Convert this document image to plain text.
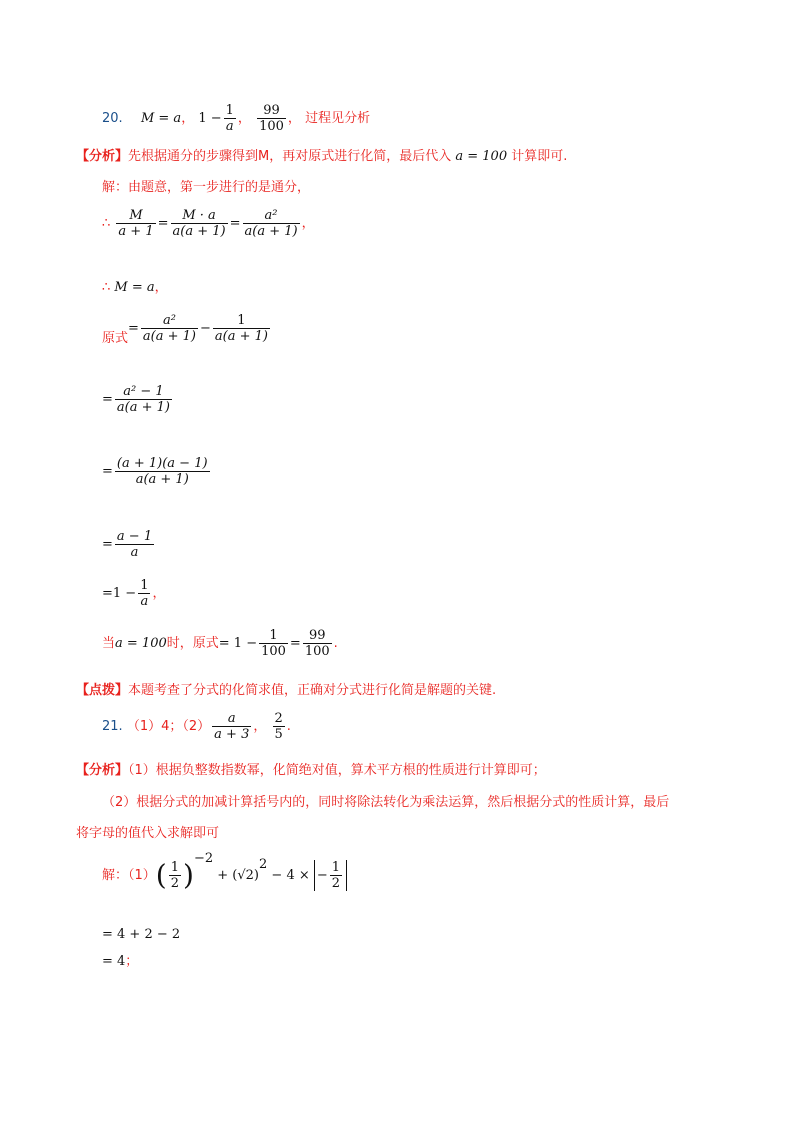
20. M = a， $1 - \frac{1}{a}$ ， $\frac{99}{100}$ ， 过程见分析
【分析】先根据通分的步骤得到M，再对原式进行化简，最后代入 a = 100 计算即可.
解：由题意，第一步进行的是通分，
∴ $\frac{M}{a + 1} = \frac{M \cdot a}{a(a + 1)} = \frac{\text{a²}}{a(a + 1)}$ ，
∴ M = a，
原式= $\frac{\text{a²}}{a(a + 1)} - \frac{1}{a(a + 1)}$
= $\frac{\text{a² − 1}}{a(a + 1)}$
= $\frac{(a + 1)(a - 1)}{a(a + 1)}$
= $\frac{a - 1}{a}$
$=1 - \frac{1}{a}$ ，
当a = 100时，原式= $1 - \frac{1}{100} = \frac{99}{100}$ .
【点拨】本题考查了分式的化简求值，正确对分式进行化简是解题的关键.
21. （1）4；$(2) \frac{a}{a + 3}$ ， $\frac{2}{5}$ .
【分析】（1）根据负整数指数幂，化简绝对值，算术平方根的性质进行计算即可；
（2）根据分式的加减计算括号内的，同时将除法转化为乘法运算，然后根据分式的性质计算，最后
将字母的值代入求解即可
解：$(1)( \frac{1}{2} )^{-2} + (√2)^2 - 4$ × − $\frac{1}{2}$
= 4 + 2 − 2
= 4；
